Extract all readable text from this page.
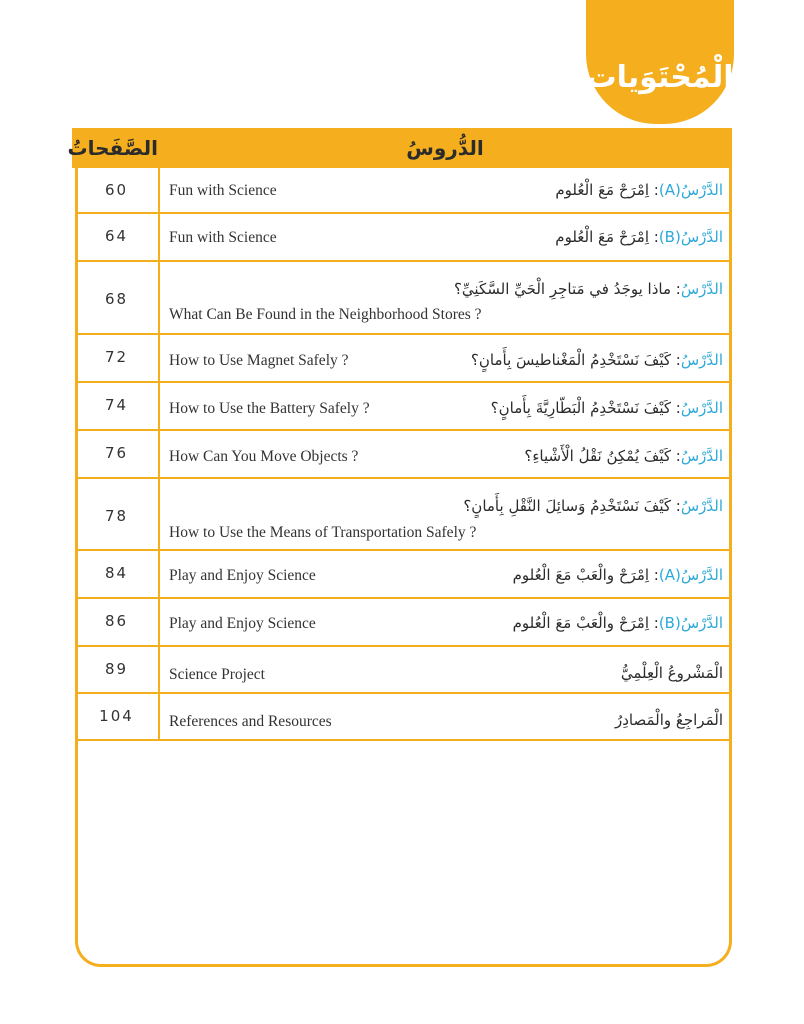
الْمُحْتَوَيات
الصَّفَحاتُ	الدُّروسُ
60	الدَّرْسُ(A): اِمْرَحْ مَعَ الْعُلوم
Fun with Science
64	الدَّرْسُ(B): اِمْرَحْ مَعَ الْعُلوم
Fun with Science
68
الدَّرْسُ: ماذا يوجَدُ في مَتاجِرِ الْحَيِّ السَّكَنِيِّ؟
What Can Be Found in the Neighborhood Stores ?
72	الدَّرْسُ: كَيْفَ نَسْتَخْدِمُ الْمَغْناطيسَ بِأَمانٍ؟
How to Use Magnet Safely ?
74	الدَّرْسُ: كَيْفَ نَسْتَخْدِمُ الْبَطّارِيَّةَ بِأَمانٍ؟
How to Use the Battery Safely ?
76	الدَّرْسُ: كَيْفَ يُمْكِنُ نَقْلُ الْأَشْياءِ؟
How Can You Move Objects ?
78
الدَّرْسُ: كَيْفَ نَسْتَخْدِمُ وَسائِلَ النَّقْلِ بِأَمانٍ؟
How to Use the Means of Transportation Safely ?
84	الدَّرْسُ(A): اِمْرَحْ والْعَبْ مَعَ الْعُلوم
Play and Enjoy Science
86	الدَّرْسُ(B): اِمْرَحْ والْعَبْ مَعَ الْعُلوم
Play and Enjoy Science
89	الْمَشْروعُ الْعِلْمِيُّ
Science Project
104	الْمَراجِعُ والْمَصادِرُ
References and Resources
